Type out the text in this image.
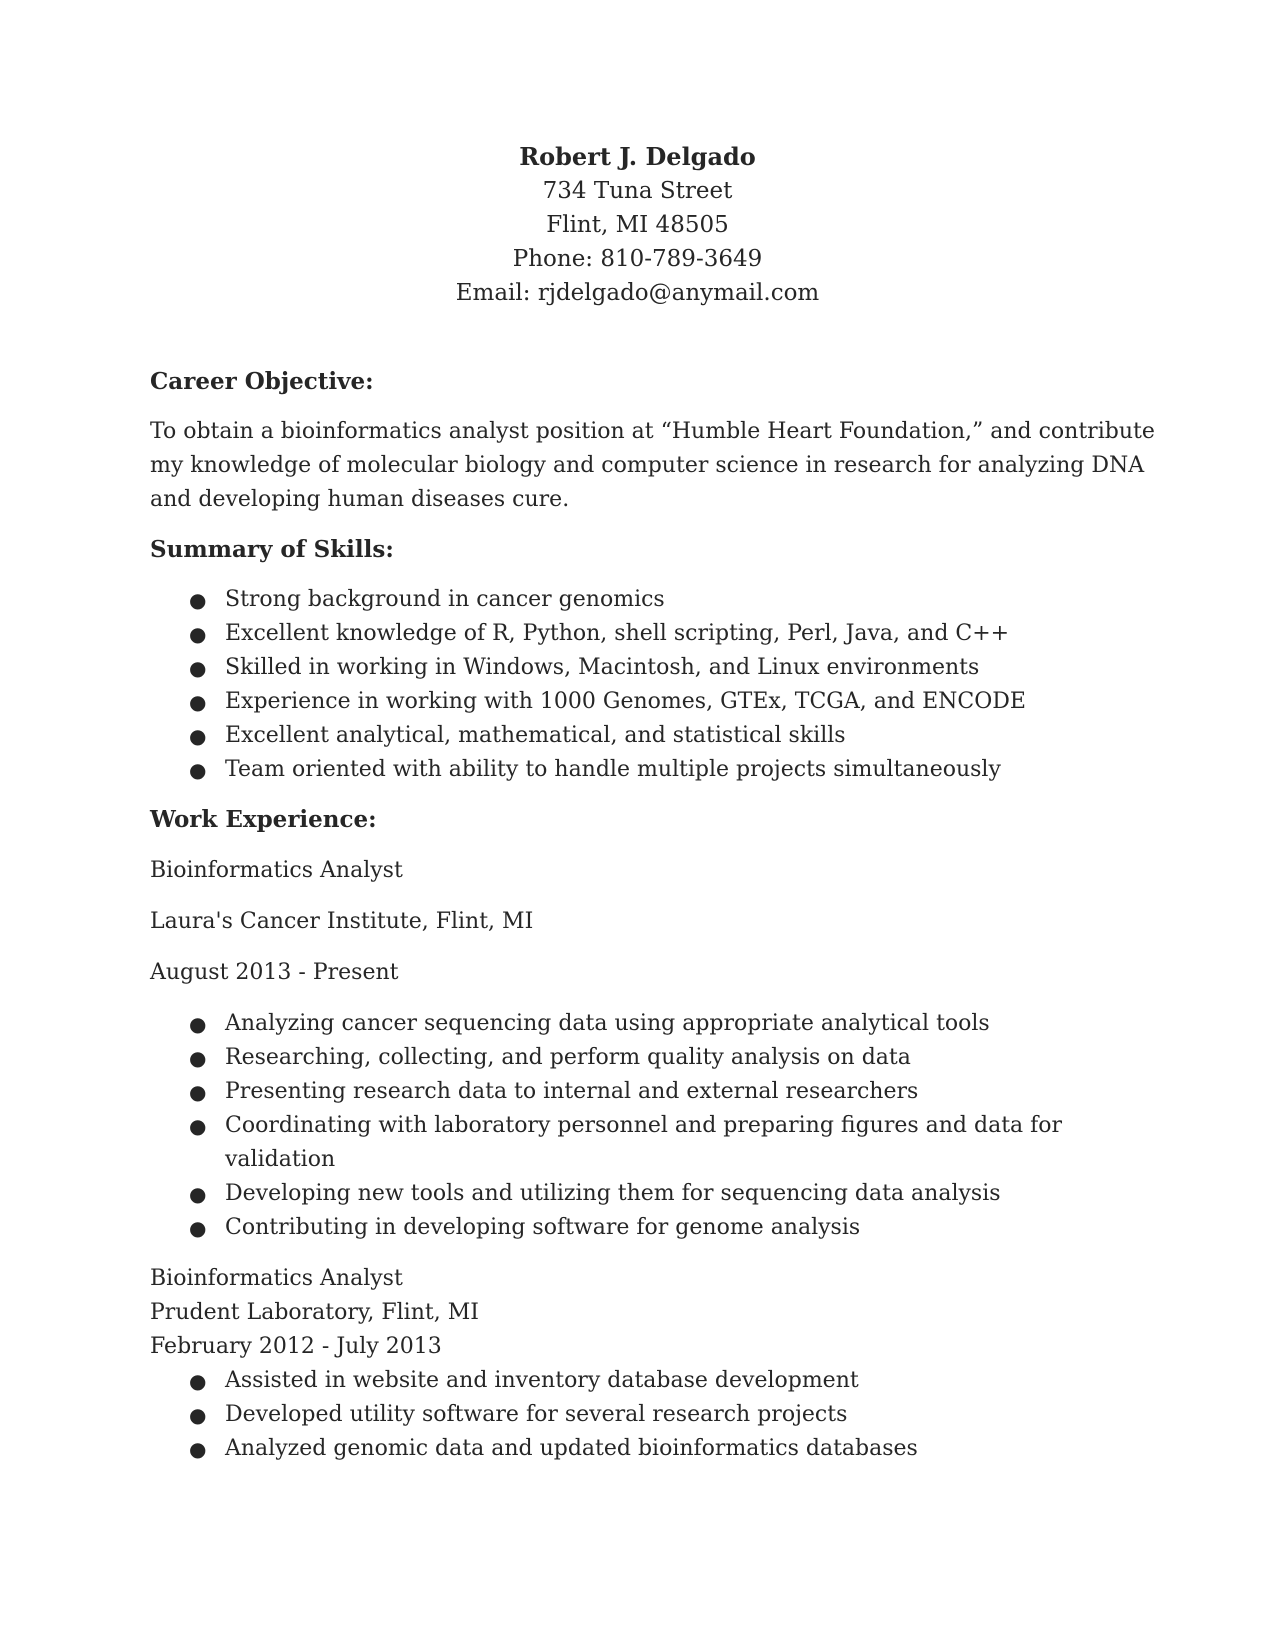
Robert J. Delgado
734 Tuna Street
Flint, MI 48505
Phone: 810-789-3649
Email: rjdelgado@anymail.com

Career Objective:

To obtain a bioinformatics analyst position at “Humble Heart Foundation,” and contribute my knowledge of molecular biology and computer science in research for analyzing DNA and developing human diseases cure.

Summary of Skills:

● Strong background in cancer genomics
● Excellent knowledge of R, Python, shell scripting, Perl, Java, and C++
● Skilled in working in Windows, Macintosh, and Linux environments
● Experience in working with 1000 Genomes, GTEx, TCGA, and ENCODE
● Excellent analytical, mathematical, and statistical skills
● Team oriented with ability to handle multiple projects simultaneously

Work Experience:

Bioinformatics Analyst

Laura's Cancer Institute, Flint, MI

August 2013 - Present

● Analyzing cancer sequencing data using appropriate analytical tools
● Researching, collecting, and perform quality analysis on data
● Presenting research data to internal and external researchers
● Coordinating with laboratory personnel and preparing figures and data for validation
● Developing new tools and utilizing them for sequencing data analysis
● Contributing in developing software for genome analysis

Bioinformatics Analyst

Prudent Laboratory, Flint, MI

February 2012 - July 2013

● Assisted in website and inventory database development
● Developed utility software for several research projects
● Analyzed genomic data and updated bioinformatics databases
